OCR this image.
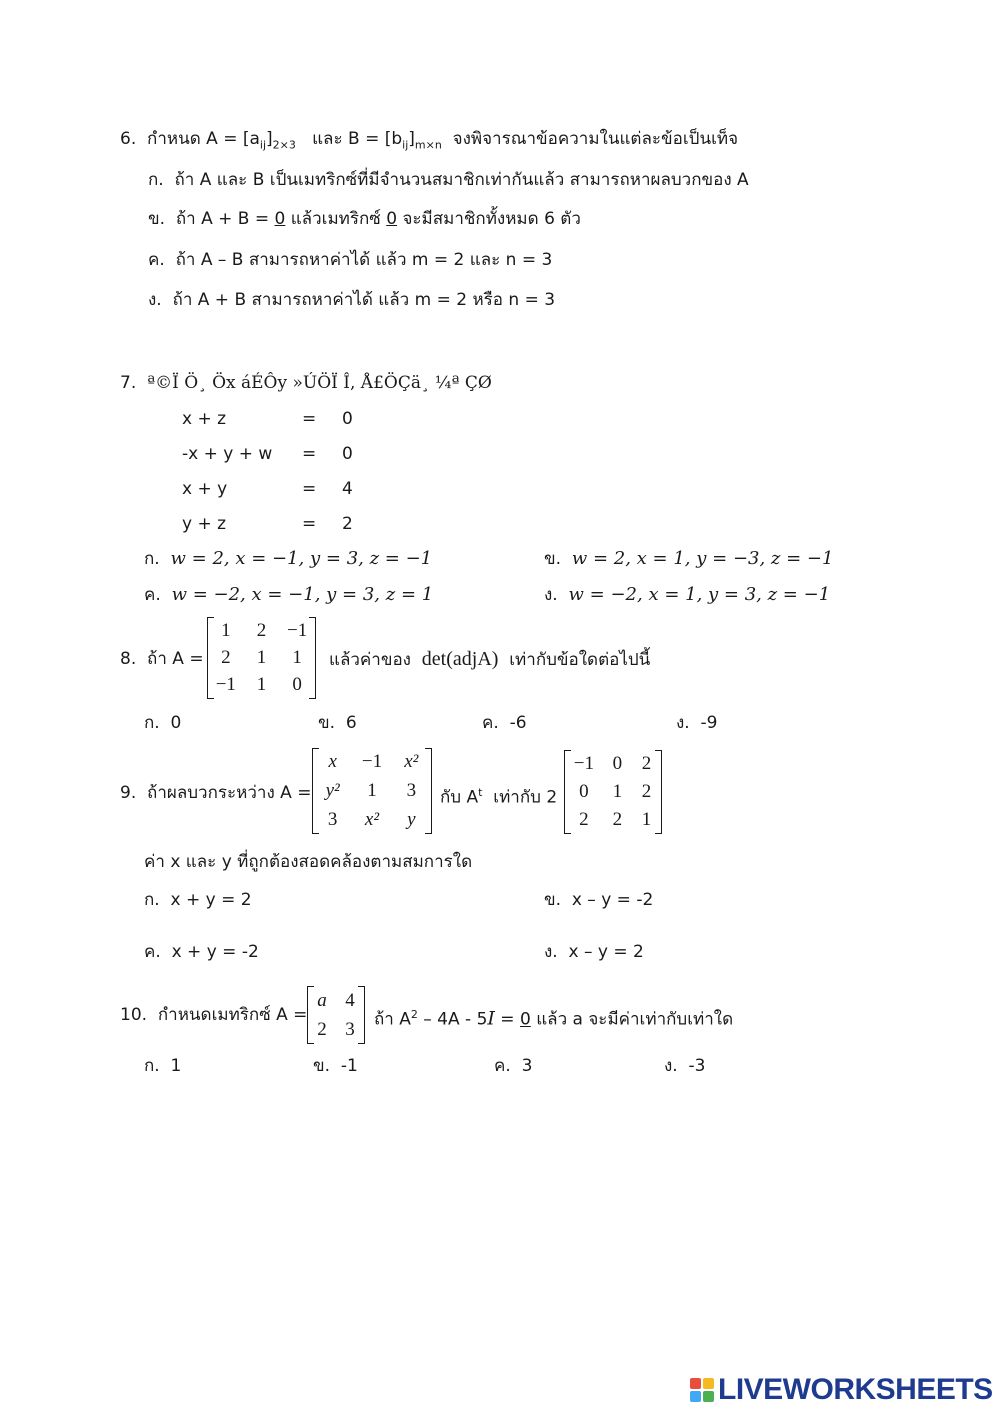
6. กำหนด $A = [a_{ij}]_{2\times 3}$ และ $B = [b_{ij}]_{m\times n}$ จงพิจารณาข้อความในแต่ละข้อเป็นเท็จ
ก. ถ้า A และ B เป็นเมทริกซ์ที่มีจำนวนสมาชิกเท่ากันแล้ว สามารถหาผลบวกของ A
ข. ถ้า A + B = 0 แล้วเมทริกซ์ 0 จะมีสมาชิกทั้งหมด 6 ตัว
ค. ถ้า A – B สามารถหาค่าได้ แล้ว m = 2 และ n = 3
ง. ถ้า A + B สามารถหาค่าได้ แล้ว m = 2 หรือ n = 3
7. ª©Ï Ö¸ Öx áÉÔy »ÚÖÏ Î, Å£ÖÇä¸ ¼ª ÇØ
x + z	= 0
-x + y + w = 0
x + y	= 4
y + z	= 2
ก. w = 2, x = −1, y = 3, z = −1	ข. w = 2, x = 1, y = −3, z = −1
ค. w = −2, x = −1, y = 3, z = 1	ง. w = −2, x = 1, y = 3, z = −1
8. ถ้า A =
1 2 −1
2 1 1
−1 1 0
แล้วค่าของ det(adjA) เท่ากับข้อใดต่อไปนี้
ก. 0	ข. 6	ค. -6	ง. -9
9. ถ้าผลบวกระหว่าง A =
x −1 x²
y² 1 3
3 x² y
กับ $A^t$ เท่ากับ 2
−1 0 2
0 1 2
2 2 1
ค่า x และ y ที่ถูกต้องสอดคล้องตามสมการใด
ก. x + y = 2	ข. x – y = -2
ค. x + y = -2	ง. x – y = 2
10. กำหนดเมทริกซ์ A =
a 4
2 3 ถ้า $A^2 - 4A - 5I = 0$ แล้ว a จะมีค่าเท่ากับเท่าใด
ก. 1	ข. -1	ค. 3	ง. -3
LIVEWORKSHEETS
